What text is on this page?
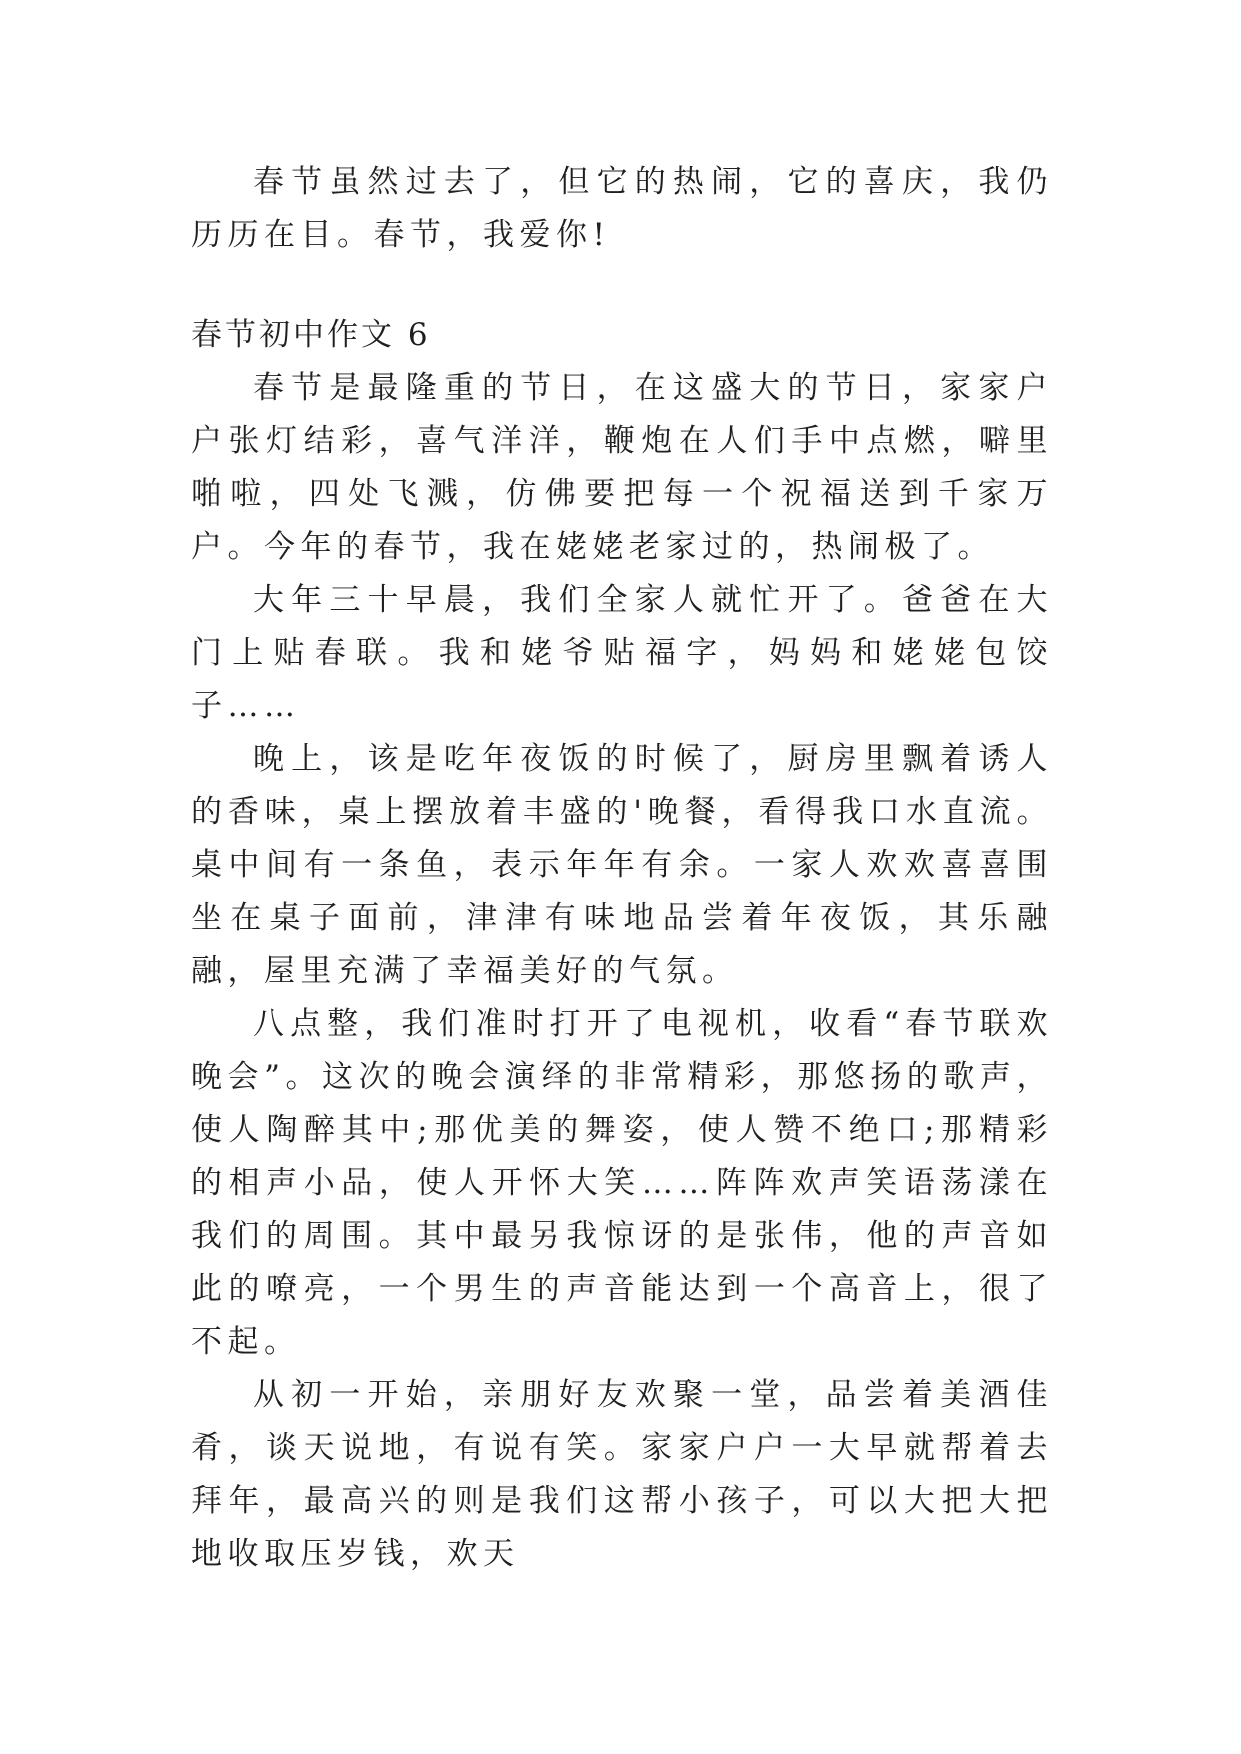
春节虽然过去了，但它的热闹，它的喜庆，我仍历历在目。春节，我爱你!

春节初中作文 6

春节是最隆重的节日，在这盛大的节日，家家户户张灯结彩，喜气洋洋，鞭炮在人们手中点燃，噼里啪啦，四处飞溅，仿佛要把每一个祝福送到千家万户。今年的春节，我在姥姥老家过的，热闹极了。

大年三十早晨，我们全家人就忙开了。爸爸在大门上贴春联。我和姥爷贴福字，妈妈和姥姥包饺子……

晚上，该是吃年夜饭的时候了，厨房里飘着诱人的香味，桌上摆放着丰盛的'晚餐，看得我口水直流。桌中间有一条鱼，表示年年有余。一家人欢欢喜喜围坐在桌子面前，津津有味地品尝着年夜饭，其乐融融，屋里充满了幸福美好的气氛。

八点整，我们准时打开了电视机，收看“春节联欢晚会”。这次的晚会演绎的非常精彩，那悠扬的歌声，使人陶醉其中;那优美的舞姿，使人赞不绝口;那精彩的相声小品，使人开怀大笑……阵阵欢声笑语荡漾在我们的周围。其中最另我惊讶的是张伟，他的声音如此的嘹亮，一个男生的声音能达到一个高音上，很了不起。

从初一开始，亲朋好友欢聚一堂，品尝着美酒佳肴，谈天说地，有说有笑。家家户户一大早就帮着去拜年，最高兴的则是我们这帮小孩子，可以大把大把地收取压岁钱，欢天
